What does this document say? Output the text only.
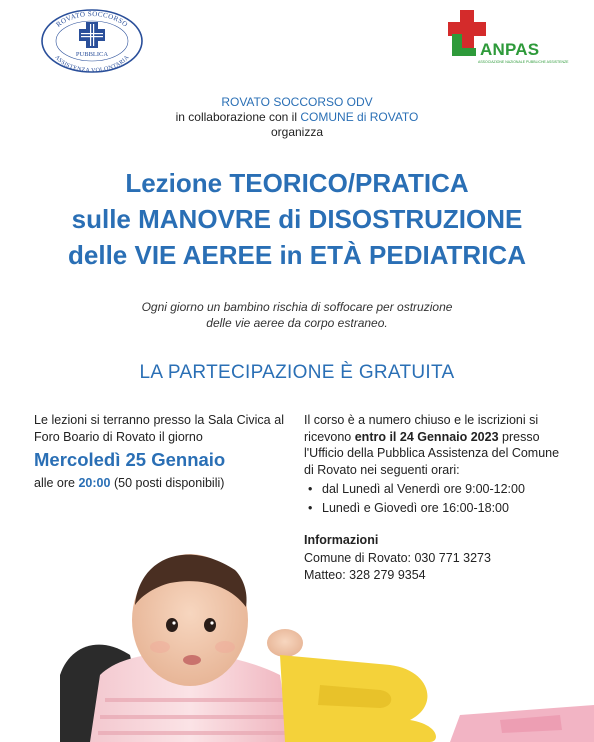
ROVATO SOCCORSO
ASSISTENZA VOLONTARIA
PUBBLICA	ANPAS
ASSOCIAZIONE NAZIONALE PUBBLICHE ASSISTENZE
ROVATO SOCCORSO ODV
in collaborazione con il COMUNE di ROVATO
organizza
Lezione TEORICO/PRATICA
sulle MANOVRE di DISOSTRUZIONE
delle VIE AEREE in ETÀ PEDIATRICA
Ogni giorno un bambino rischia di soffocare per ostruzione
delle vie aeree da corpo estraneo.
LA PARTECIPAZIONE È GRATUITA
Le lezioni si terranno presso la Sala Civica al Foro Boario di Rovato il giorno
Mercoledì 25 Gennaio
alle ore 20:00 (50 posti disponibili)
Il corso è a numero chiuso e le iscrizioni si ricevono entro il 24 Gennaio 2023 presso l'Ufficio della Pubblica Assistenza del Comune di Rovato nei seguenti orari:
• dal Lunedì al Venerdì ore 9:00-12:00
• Lunedì e Giovedì ore 16:00-18:00
Informazioni
Comune di Rovato: 030 771 3273
Matteo: 328 279 9354
